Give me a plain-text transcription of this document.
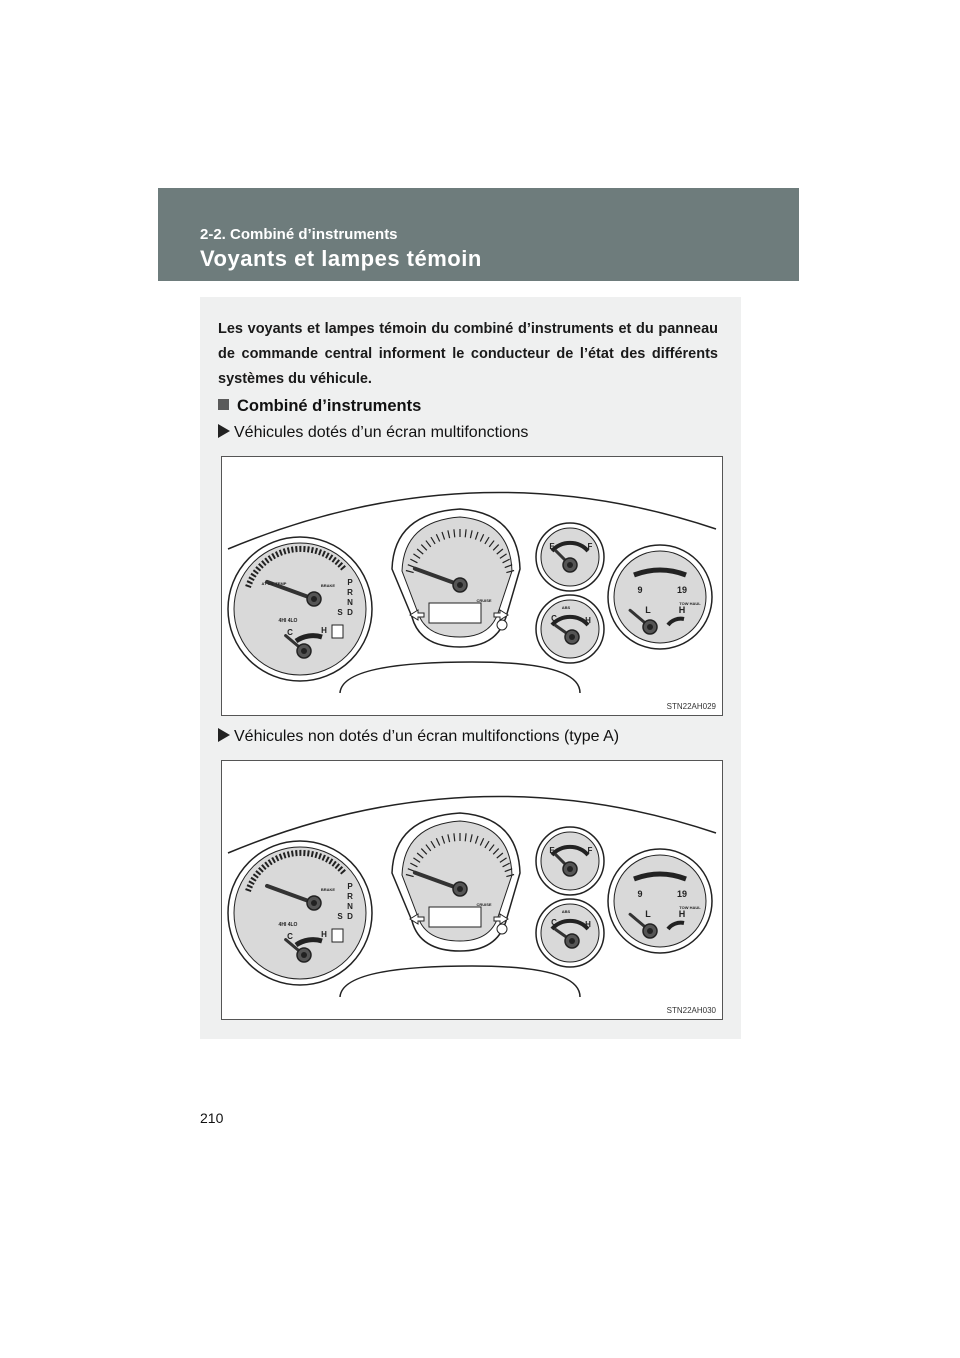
2-2. Combiné d’instruments
Voyants et lampes témoin
Les voyants et lampes témoin du combiné d’instruments et du panneau de commande central informent le conducteur de l’état des différents systèmes du véhicule.
Combiné d’instruments
Véhicules dotés d’un écran multifonctions
P
R
N
D
S
4HI 4LO
BRAKE
AT OIL TEMP
C	H
CRUISE
E	F
C	H
ABS
9	19
L	H
TOW HAUL
STN22AH029
Véhicules non dotés d’un écran multifonctions (type A)
P
R
N
D
S
4HI 4LO
BRAKE
C	H
CRUISE
E	F
C	H
ABS
9	19
L	H
TOW HAUL
STN22AH030
210
